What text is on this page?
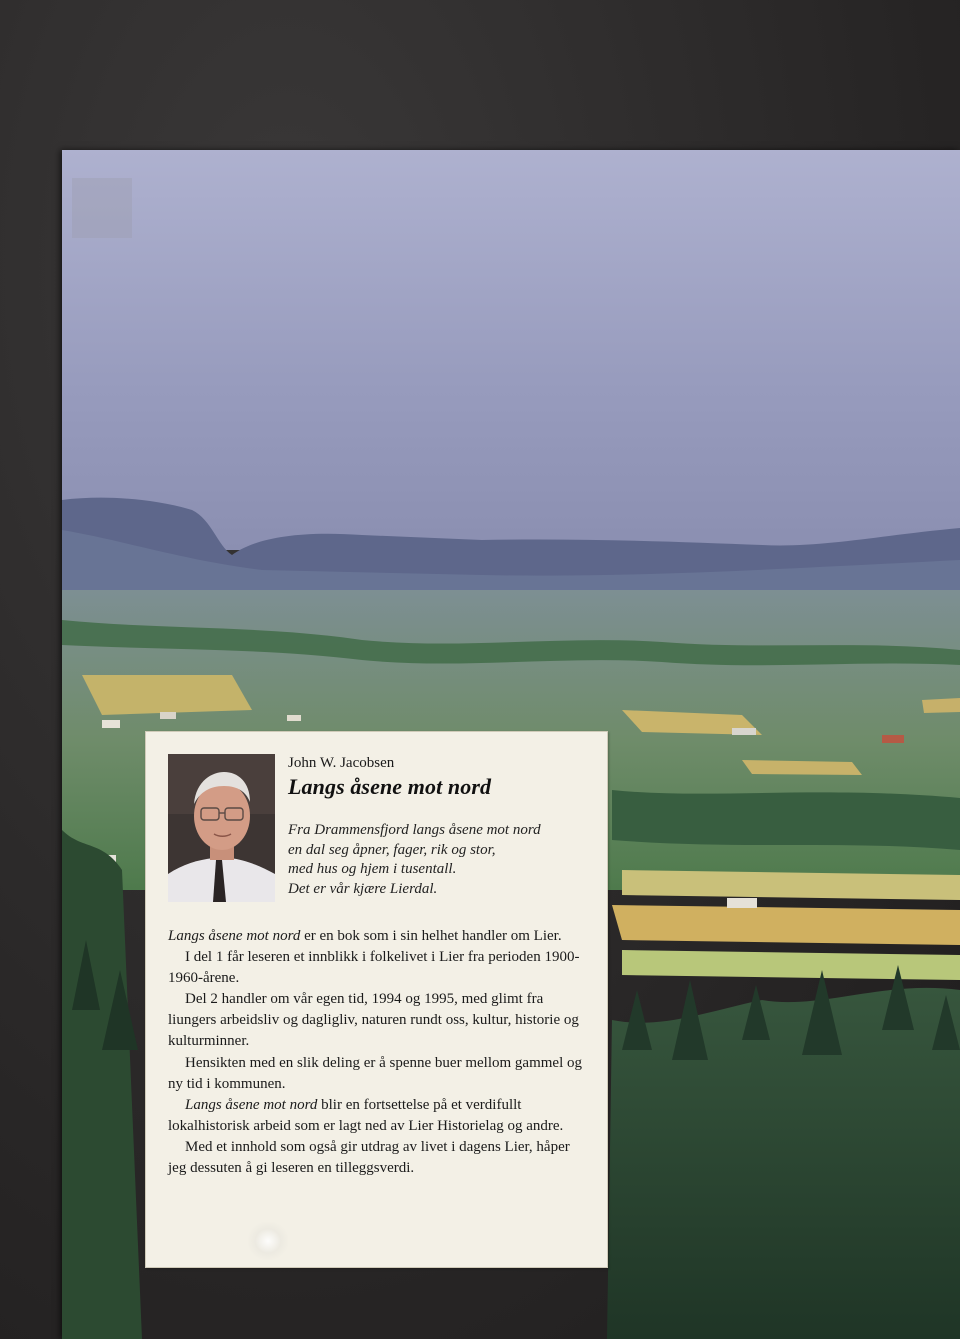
John W. Jacobsen
Langs åsene mot nord
Fra Drammensfjord langs åsene mot nord
en dal seg åpner, fager, rik og stor,
med hus og hjem i tusentall.
Det er vår kjære Lierdal.

Langs åsene mot nord er en bok som i sin helhet handler om Lier.

I del 1 får leseren et innblikk i folkelivet i Lier fra perioden 1900-1960-årene.

Del 2 handler om vår egen tid, 1994 og 1995, med glimt fra liungers arbeidsliv og dagligliv, naturen rundt oss, kultur, historie og kulturminner.

Hensikten med en slik deling er å spenne buer mellom gammel og ny tid i kommunen.

Langs åsene mot nord blir en fortsettelse på et verdifullt lokalhistorisk arbeid som er lagt ned av Lier Historielag og andre.

Med et innhold som også gir utdrag av livet i dagens Lier, håper jeg dessuten å gi leseren en tilleggsverdi.
